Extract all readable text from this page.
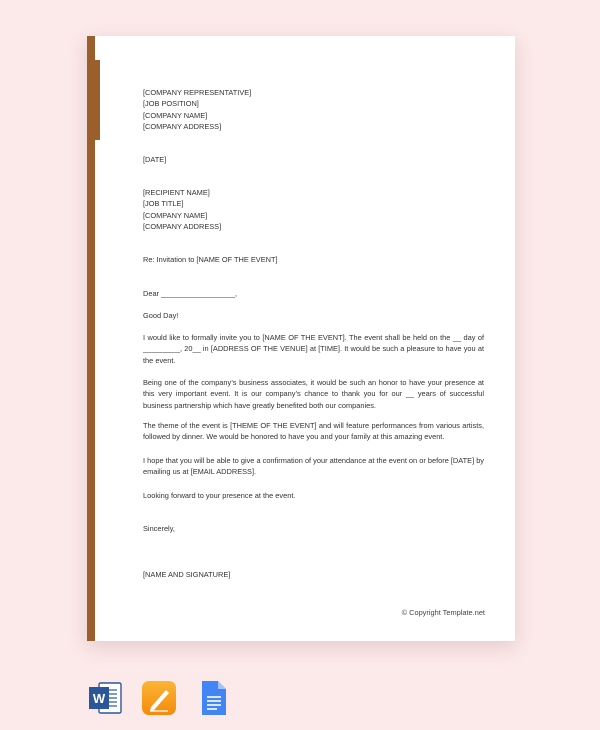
[COMPANY REPRESENTATIVE]
[JOB POSITION]
[COMPANY NAME]
[COMPANY ADDRESS]
[DATE]
[RECIPIENT NAME]
[JOB TITLE]
[COMPANY NAME]
[COMPANY ADDRESS]
Re: Invitation to [NAME OF THE EVENT]
Dear __________________,
Good Day!

I would like to formally invite you to [NAME OF THE EVENT]. The event shall be held on the __ day of _________, 20__ in [ADDRESS OF THE VENUE] at [TIME]. It would be such a pleasure to have you at the event.

Being one of the company’s business associates, it would be such an honor to have your presence at this very important event. It is our company’s chance to thank you for our __ years of successful business partnership which have greatly benefited both our companies.

The theme of the event is [THEME OF THE EVENT] and will feature performances from various artists, followed by dinner. We would be honored to have you and your family at this amazing event.

I hope that you will be able to give a confirmation of your attendance at the event on or before [DATE] by emailing us at [EMAIL ADDRESS].

Looking forward to your presence at the event.

Sincerely,
[NAME AND SIGNATURE]
© Copyright Template.net
W
